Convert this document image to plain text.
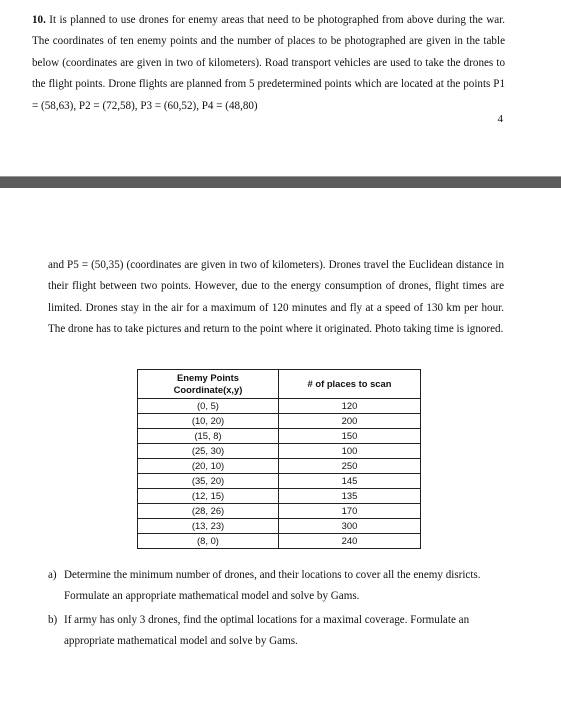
10. It is planned to use drones for enemy areas that need to be photographed from above during the war. The coordinates of ten enemy points and the number of places to be photographed are given in the table below (coordinates are given in two of kilometers). Road transport vehicles are used to take the drones to the flight points. Drone flights are planned from 5 predetermined points which are located at the points P1 = (58,63), P2 = (72,58), P3 = (60,52), P4 = (48,80)
4
and P5 = (50,35) (coordinates are given in two of kilometers). Drones travel the Euclidean distance in their flight between two points. However, due to the energy consumption of drones, flight times are limited. Drones stay in the air for a maximum of 120 minutes and fly at a speed of 130 km per hour. The drone has to take pictures and return to the point where it originated. Photo taking time is ignored.
Enemy Points
Coordinate(x,y)	# of places to scan
(0, 5)	120
(10, 20)	200
(15, 8)	150
(25, 30)	100
(20, 10)	250
(35, 20)	145
(12, 15)	135
(28, 26)	170
(13, 23)	300
(8, 0)	240
a) Determine the minimum number of drones, and their locations to cover all the enemy disricts. Formulate an appropriate mathematical model and solve by Gams.
b) If army has only 3 drones, find the optimal locations for a maximal coverage. Formulate an appropriate mathematical model and solve by Gams.
